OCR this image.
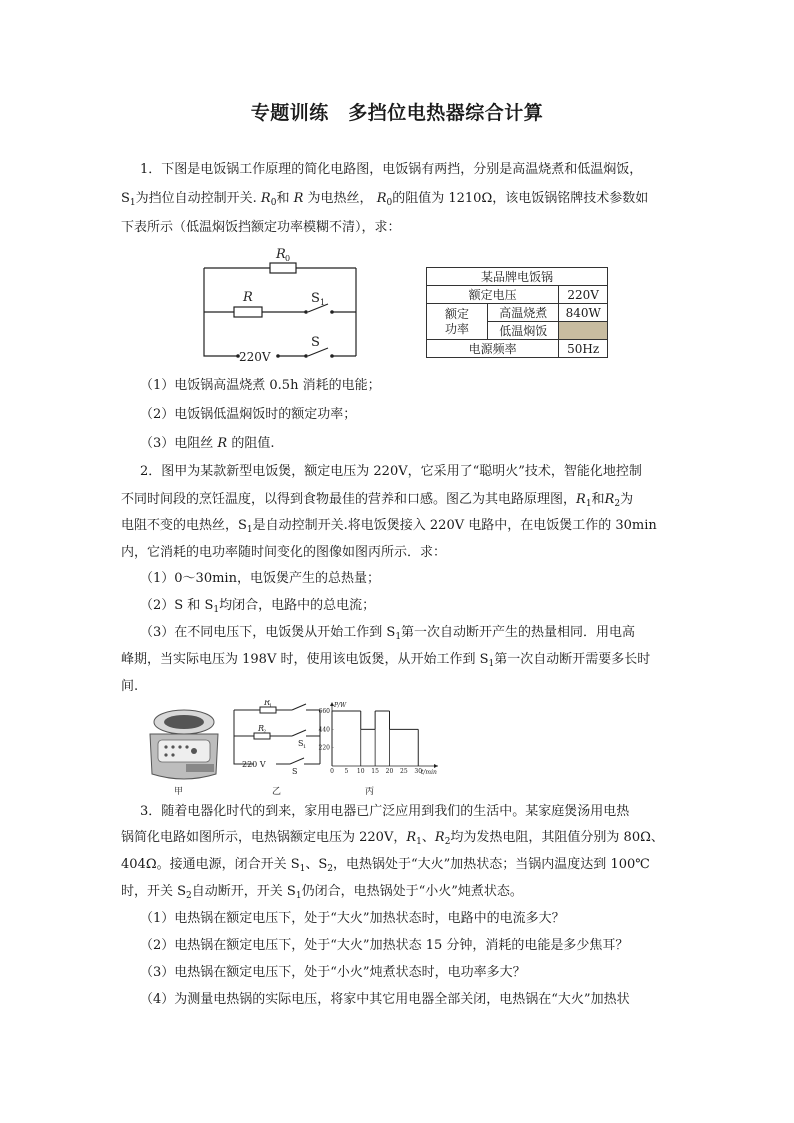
专题训练　多挡位电热器综合计算
1．下图是电饭锅工作原理的简化电路图，电饭锅有两挡，分别是高温烧煮和低温焖饭，
$S_1$为挡位自动控制开关. $R_0$和 R 为电热丝， $R_0$的阻值为 1210Ω，该电饭锅铭牌技术参数如
下表所示（低温焖饭挡额定功率模糊不清），求：
R 0
R	S 1
S
220V
某品牌电饭锅		
额定电压		220V
额定
功率	高温烧煮	840W
	低温焖饭	
电源频率		50Hz
（1）电饭锅高温烧煮 0.5h 消耗的电能；
（2）电饭锅低温焖饭时的额定功率；
（3）电阻丝 R 的阻值.
2．图甲为某款新型电饭煲，额定电压为 220V，它采用了“聪明火”技术，智能化地控制
不同时间段的烹饪温度，以得到食物最佳的营养和口感。图乙为其电路原理图，$R_1$和$R_2$为
电阻不变的电热丝，$S_1$是自动控制开关.将电饭煲接入 220V 电路中，在电饭煲工作的 30min
内，它消耗的电功率随时间变化的图像如图丙所示．求：
（1）0～30min，电饭煲产生的总热量；
（2）S 和 $S_1$均闭合，电路中的总电流；
（3）在不同电压下，电饭煲从开始工作到 $S_1$第一次自动断开产生的热量相同．用电高
峰期，当实际电压为 198V 时，使用该电饭煲，从开始工作到 $S_1$第一次自动断开需要多长时
间.
甲
R
1
R
2
S 1
S
220 V
乙
660
440
220
0 5 10 15 20 25 30
P/W
t/min
丙
3．随着电器化时代的到来，家用电器已广泛应用到我们的生活中。某家庭煲汤用电热
锅简化电路如图所示，电热锅额定电压为 220V，$R_1$、$R_2$均为发热电阻，其阻值分别为 80Ω、
404Ω。接通电源，闭合开关 $S_1$、$S_2$，电热锅处于“大火”加热状态；当锅内温度达到 100℃
时，开关 $S_2$自动断开，开关 $S_1$仍闭合，电热锅处于“小火”炖煮状态。
（1）电热锅在额定电压下，处于“大火”加热状态时，电路中的电流多大？
（2）电热锅在额定电压下，处于“大火”加热状态 15 分钟，消耗的电能是多少焦耳？
（3）电热锅在额定电压下，处于“小火”炖煮状态时，电功率多大？
（4）为测量电热锅的实际电压，将家中其它用电器全部关闭，电热锅在“大火”加热状
